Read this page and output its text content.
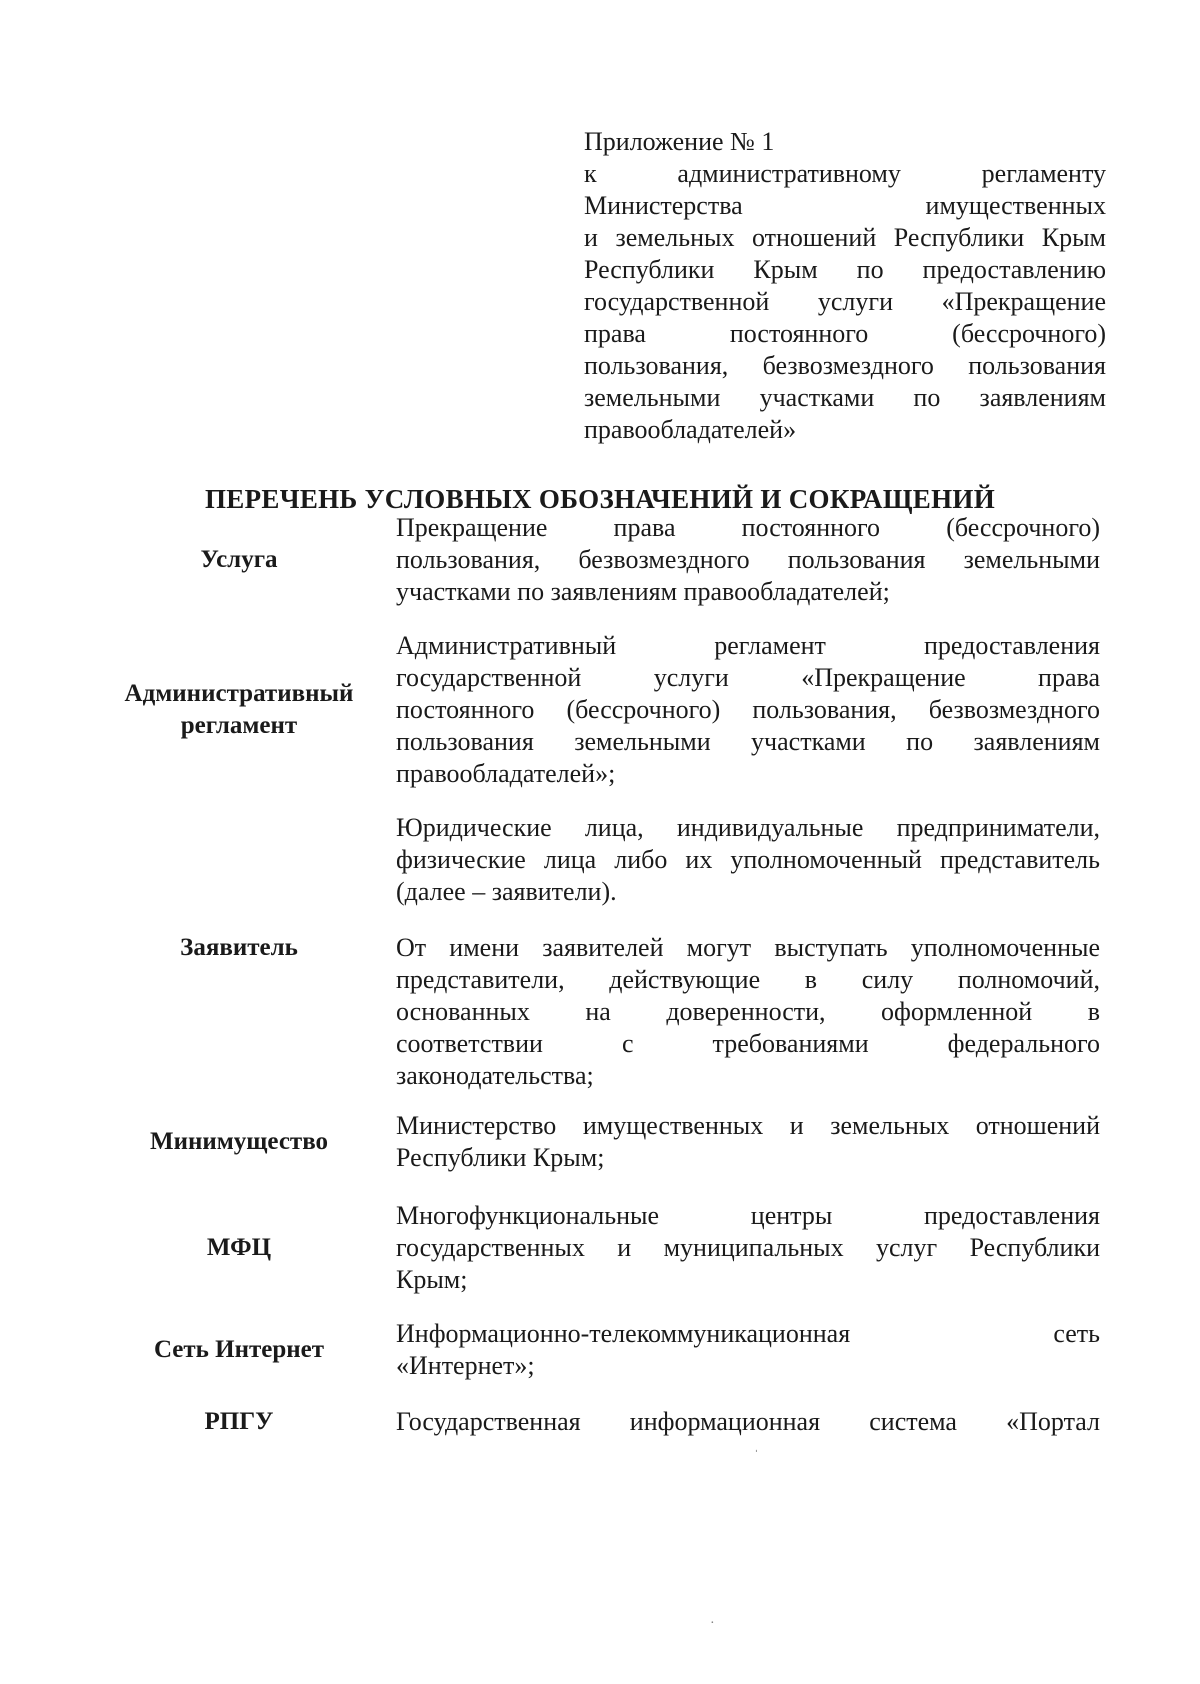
Приложение № 1
к административному регламенту
Министерства имущественных
и земельных отношений Республики Крым
Республики Крым по предоставлению
государственной услуги «Прекращение
права постоянного (бессрочного)
пользования, безвозмездного пользования
земельными участками по заявлениям
правообладателей»
ПЕРЕЧЕНЬ УСЛОВНЫХ ОБОЗНАЧЕНИЙ И СОКРАЩЕНИЙ
Услуга
Прекращение права постоянного (бессрочного)
пользования, безвозмездного пользования земельными
участками по заявлениям правообладателей;
Административный регламент
Административный регламент предоставления
государственной услуги «Прекращение права
постоянного (бессрочного) пользования, безвозмездного
пользования земельными участками по заявлениям
правообладателей»;
Юридические лица, индивидуальные предприниматели,
физические лица либо их уполномоченный представитель
(далее – заявители).
Заявитель	От имени заявителей могут выступать уполномоченные
представители, действующие в силу полномочий,
основанных на доверенности, оформленной в
соответствии с требованиями федерального
законодательства;
Минимущество
Министерство имущественных и земельных отношений
Республики Крым;
МФЦ
Многофункциональные центры предоставления
государственных и муниципальных услуг Республики
Крым;
Сеть Интернет
Информационно-телекоммуникационная сеть
«Интернет»;
РПГУ	Государственная информационная система «Портал
ˌ
·
